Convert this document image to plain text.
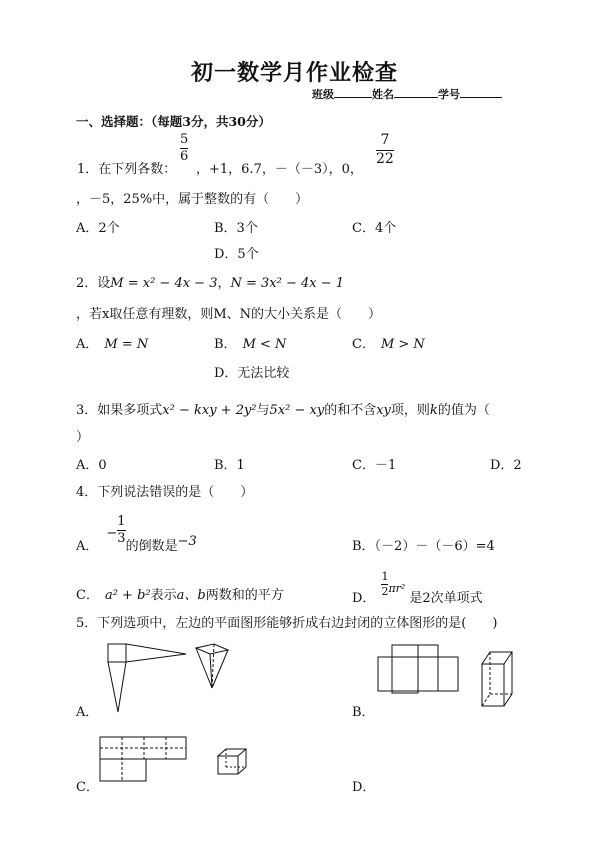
初一数学月作业检查
班级	姓名	学号
一、选择题：（每题3分，共30分）
$\frac{5}{6}$	$\frac{7}{22}$
1．在下列各数： ，+1，6.7，－（－3），0，
，－5，25%中，属于整数的有（　　）
A．2个	B．3个	C．4个
D．5个
2．设M = x² − 4x − 3，N = 3x² − 4x − 1
，若x取任意有理数，则M、N的大小关系是（　　）
A． M = N	B． M < N	C． M > N
D．无法比较
3．如果多项式x² − kxy + 2y²与5x² − xy的和不含xy项，则k的值为（
）
A．0	B．1	C．－1	D．2
4．下列说法错误的是（　　）
A．
− $\frac{1}{3}$ 的倒数是 −3	B．（－2）－（－6）=4
C． a² + b²表示a、b两数和的平方	D． $\frac{1}{2} \pi r^2$
是2次单项式
5．下列选项中，左边的平面图形能够折成右边封闭的立体图形的是(　　)
A．	B．
C．	D．
